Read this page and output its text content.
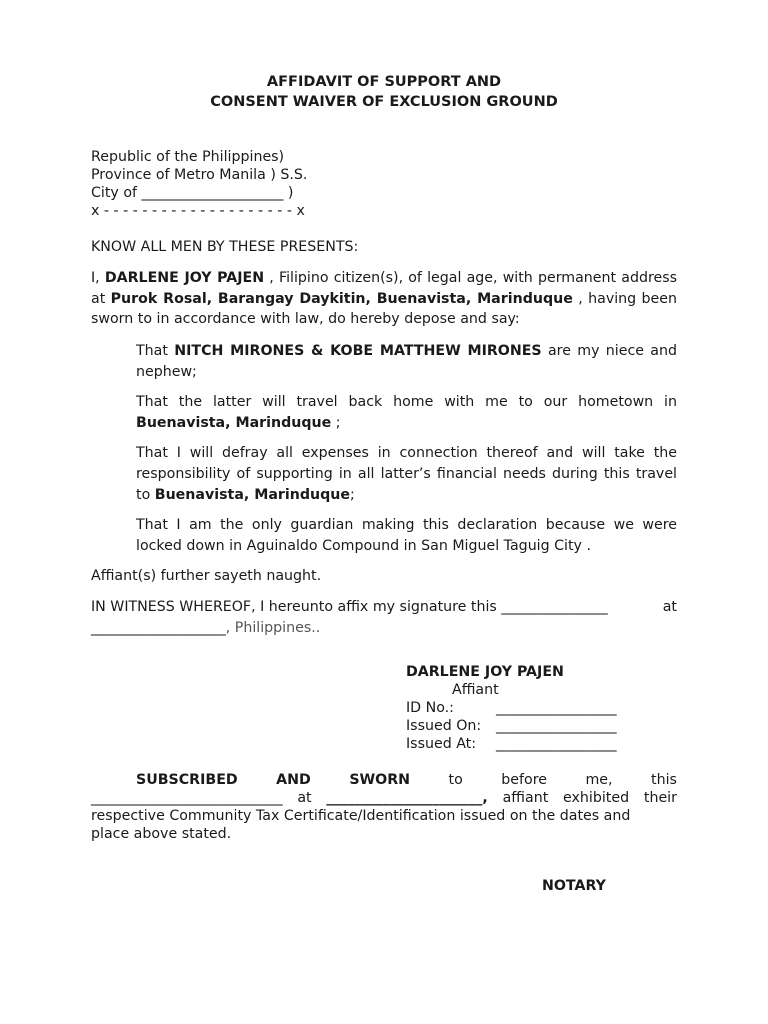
AFFIDAVIT OF SUPPORT AND
CONSENT WAIVER OF EXCLUSION GROUND
Republic of the Philippines)
Province of Metro Manila ) S.S.
City of ____________________ )
x - - - - - - - - - - - - - - - - - - - - x
KNOW ALL MEN BY THESE PRESENTS:
I, DARLENE JOY PAJEN , Filipino citizen(s), of legal age, with permanent address at Purok Rosal, Barangay Daykitin, Buenavista, Marinduque , having been sworn to in accordance with law, do hereby depose and say:
That NITCH MIRONES & KOBE MATTHEW MIRONES are my niece and nephew;
That the latter will travel back home with me to our hometown in Buenavista, Marinduque ;
That I will defray all expenses in connection thereof and will take the responsibility of supporting in all latter’s financial needs during this travel to Buenavista, Marinduque;
That I am the only guardian making this declaration because we were locked down in Aguinaldo Compound in San Miguel Taguig City .
Affiant(s) further sayeth naught.
IN WITNESS WHEREOF, I hereunto affix my signature this _______________	at
___________________, Philippines..
DARLENE JOY PAJEN
Affiant
ID No.:	_________________
Issued On:	_________________
Issued At:	_________________
SUBSCRIBED	AND	SWORN	to	before	me,	this
___________________________ at ______________________, affiant exhibited their
respective Community Tax Certificate/Identification issued on the dates and
place above stated.
NOTARY
